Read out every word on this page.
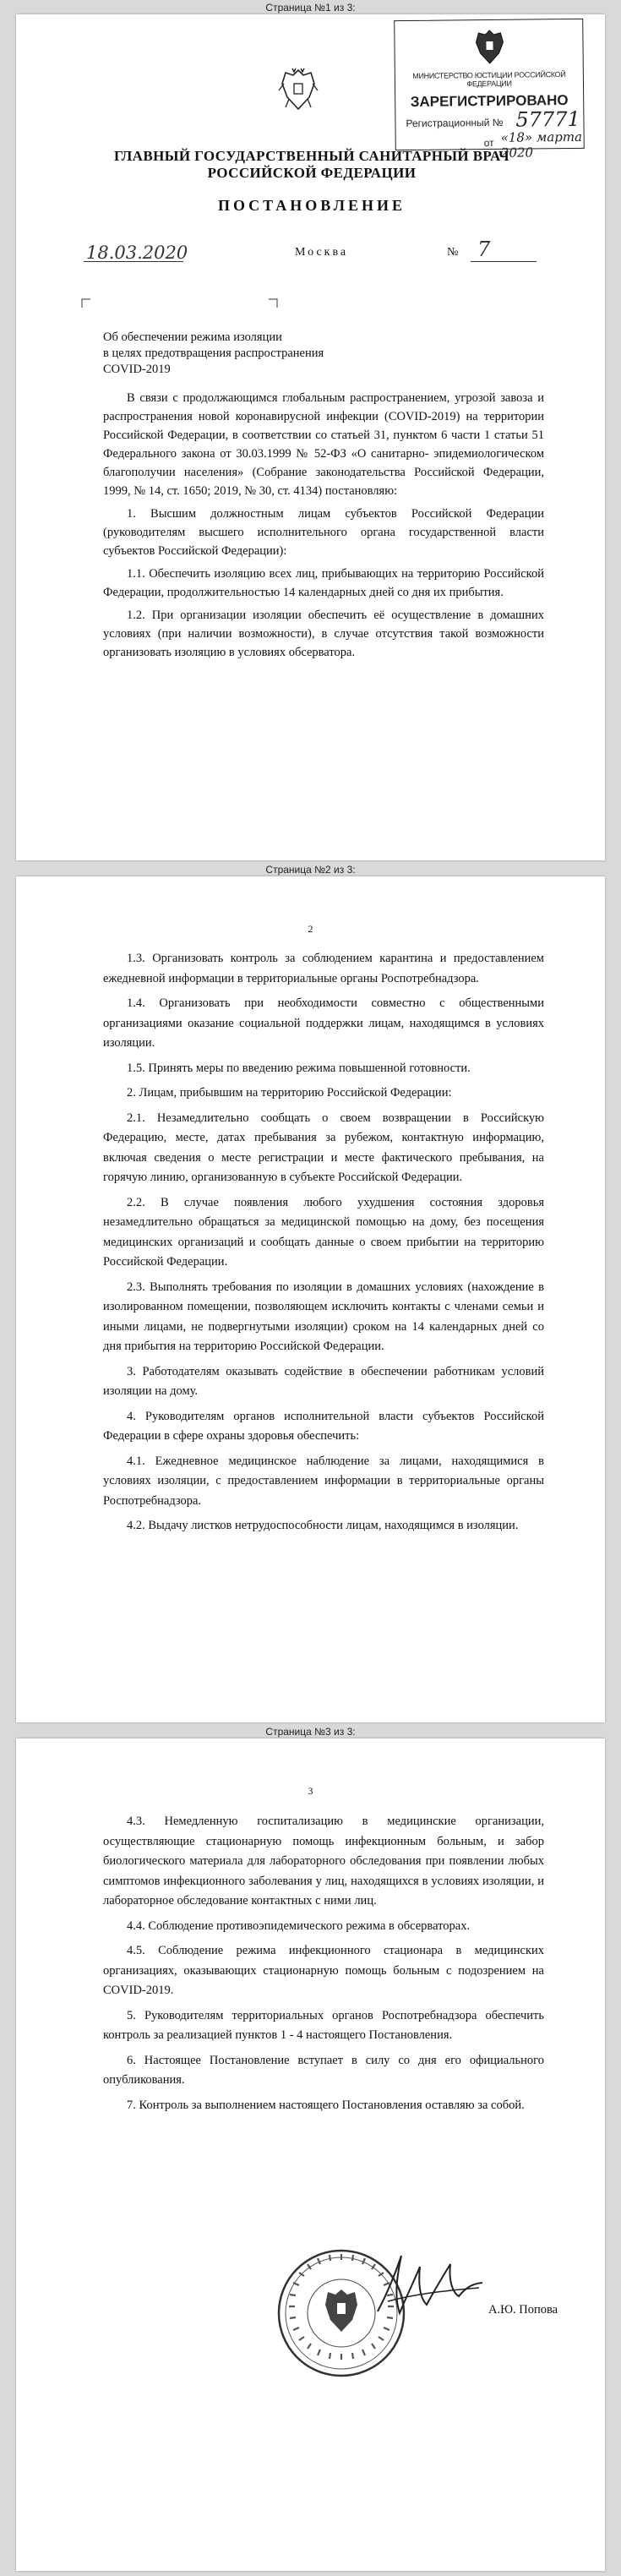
Страница №1 из 3:
МИНИСТЕРСТВО ЮСТИЦИИ РОССИЙСКОЙ ФЕДЕРАЦИИ
ЗАРЕГИСТРИРОВАНО
Регистрационный № 57771
от «18» марта 2020
ГЛАВНЫЙ ГОСУДАРСТВЕННЫЙ САНИТАРНЫЙ ВРАЧ
РОССИЙСКОЙ ФЕДЕРАЦИИ
ПОСТАНОВЛЕНИЕ
18.03.2020	Москва	№ 7
Об обеспечении режима изоляции
в целях предотвращения распространения
COVID-2019

В связи с продолжающимся глобальным распространением, угрозой завоза и распространения новой коронавирусной инфекции (COVID-2019) на территории Российской Федерации, в соответствии со статьей 31, пунктом 6 части 1 статьи 51 Федерального закона от 30.03.1999 № 52-ФЗ «О санитарно- эпидемиологическом благополучии населения» (Собрание законодательства Российской Федерации, 1999, № 14, ст. 1650; 2019, № 30, ст. 4134) постановляю:

1. Высшим должностным лицам субъектов Российской Федерации (руководителям высшего исполнительного органа государственной власти субъектов Российской Федерации):

1.1. Обеспечить изоляцию всех лиц, прибывающих на территорию Российской Федерации, продолжительностью 14 календарных дней со дня их прибытия.

1.2. При организации изоляции обеспечить её осуществление в домашних условиях (при наличии возможности), в случае отсутствия такой возможности организовать изоляцию в условиях обсерватора.

Страница №2 из 3:
2

1.3. Организовать контроль за соблюдением карантина и предоставлением ежедневной информации в территориальные органы Роспотребнадзора.

1.4. Организовать при необходимости совместно с общественными организациями оказание социальной поддержки лицам, находящимся в условиях изоляции.

1.5. Принять меры по введению режима повышенной готовности.

2. Лицам, прибывшим на территорию Российской Федерации:

2.1. Незамедлительно сообщать о своем возвращении в Российскую Федерацию, месте, датах пребывания за рубежом, контактную информацию, включая сведения о месте регистрации и месте фактического пребывания, на горячую линию, организованную в субъекте Российской Федерации.

2.2. В случае появления любого ухудшения состояния здоровья незамедлительно обращаться за медицинской помощью на дому, без посещения медицинских организаций и сообщать данные о своем прибытии на территорию Российской Федерации.

2.3. Выполнять требования по изоляции в домашних условиях (нахождение в изолированном помещении, позволяющем исключить контакты с членами семьи и иными лицами, не подвергнутыми изоляции) сроком на 14 календарных дней со дня прибытия на территорию Российской Федерации.

3. Работодателям оказывать содействие в обеспечении работникам условий изоляции на дому.

4. Руководителям органов исполнительной власти субъектов Российской Федерации в сфере охраны здоровья обеспечить:

4.1. Ежедневное медицинское наблюдение за лицами, находящимися в условиях изоляции, с предоставлением информации в территориальные органы Роспотребнадзора.

4.2. Выдачу листков нетрудоспособности лицам, находящимся в изоляции.

Страница №3 из 3:
3

4.3. Немедленную госпитализацию в медицинские организации, осуществляющие стационарную помощь инфекционным больным, и забор биологического материала для лабораторного обследования при появлении любых симптомов инфекционного заболевания у лиц, находящихся в условиях изоляции, и лабораторное обследование контактных с ними лиц.

4.4. Соблюдение противоэпидемического режима в обсерваторах.

4.5. Соблюдение режима инфекционного стационара в медицинских организациях, оказывающих стационарную помощь больным с подозрением на COVID-2019.

5. Руководителям территориальных органов Роспотребнадзора обеспечить контроль за реализацией пунктов 1 - 4 настоящего Постановления.

6. Настоящее Постановление вступает в силу со дня его официального опубликования.

7. Контроль за выполнением настоящего Постановления оставляю за собой.

А.Ю. Попова
